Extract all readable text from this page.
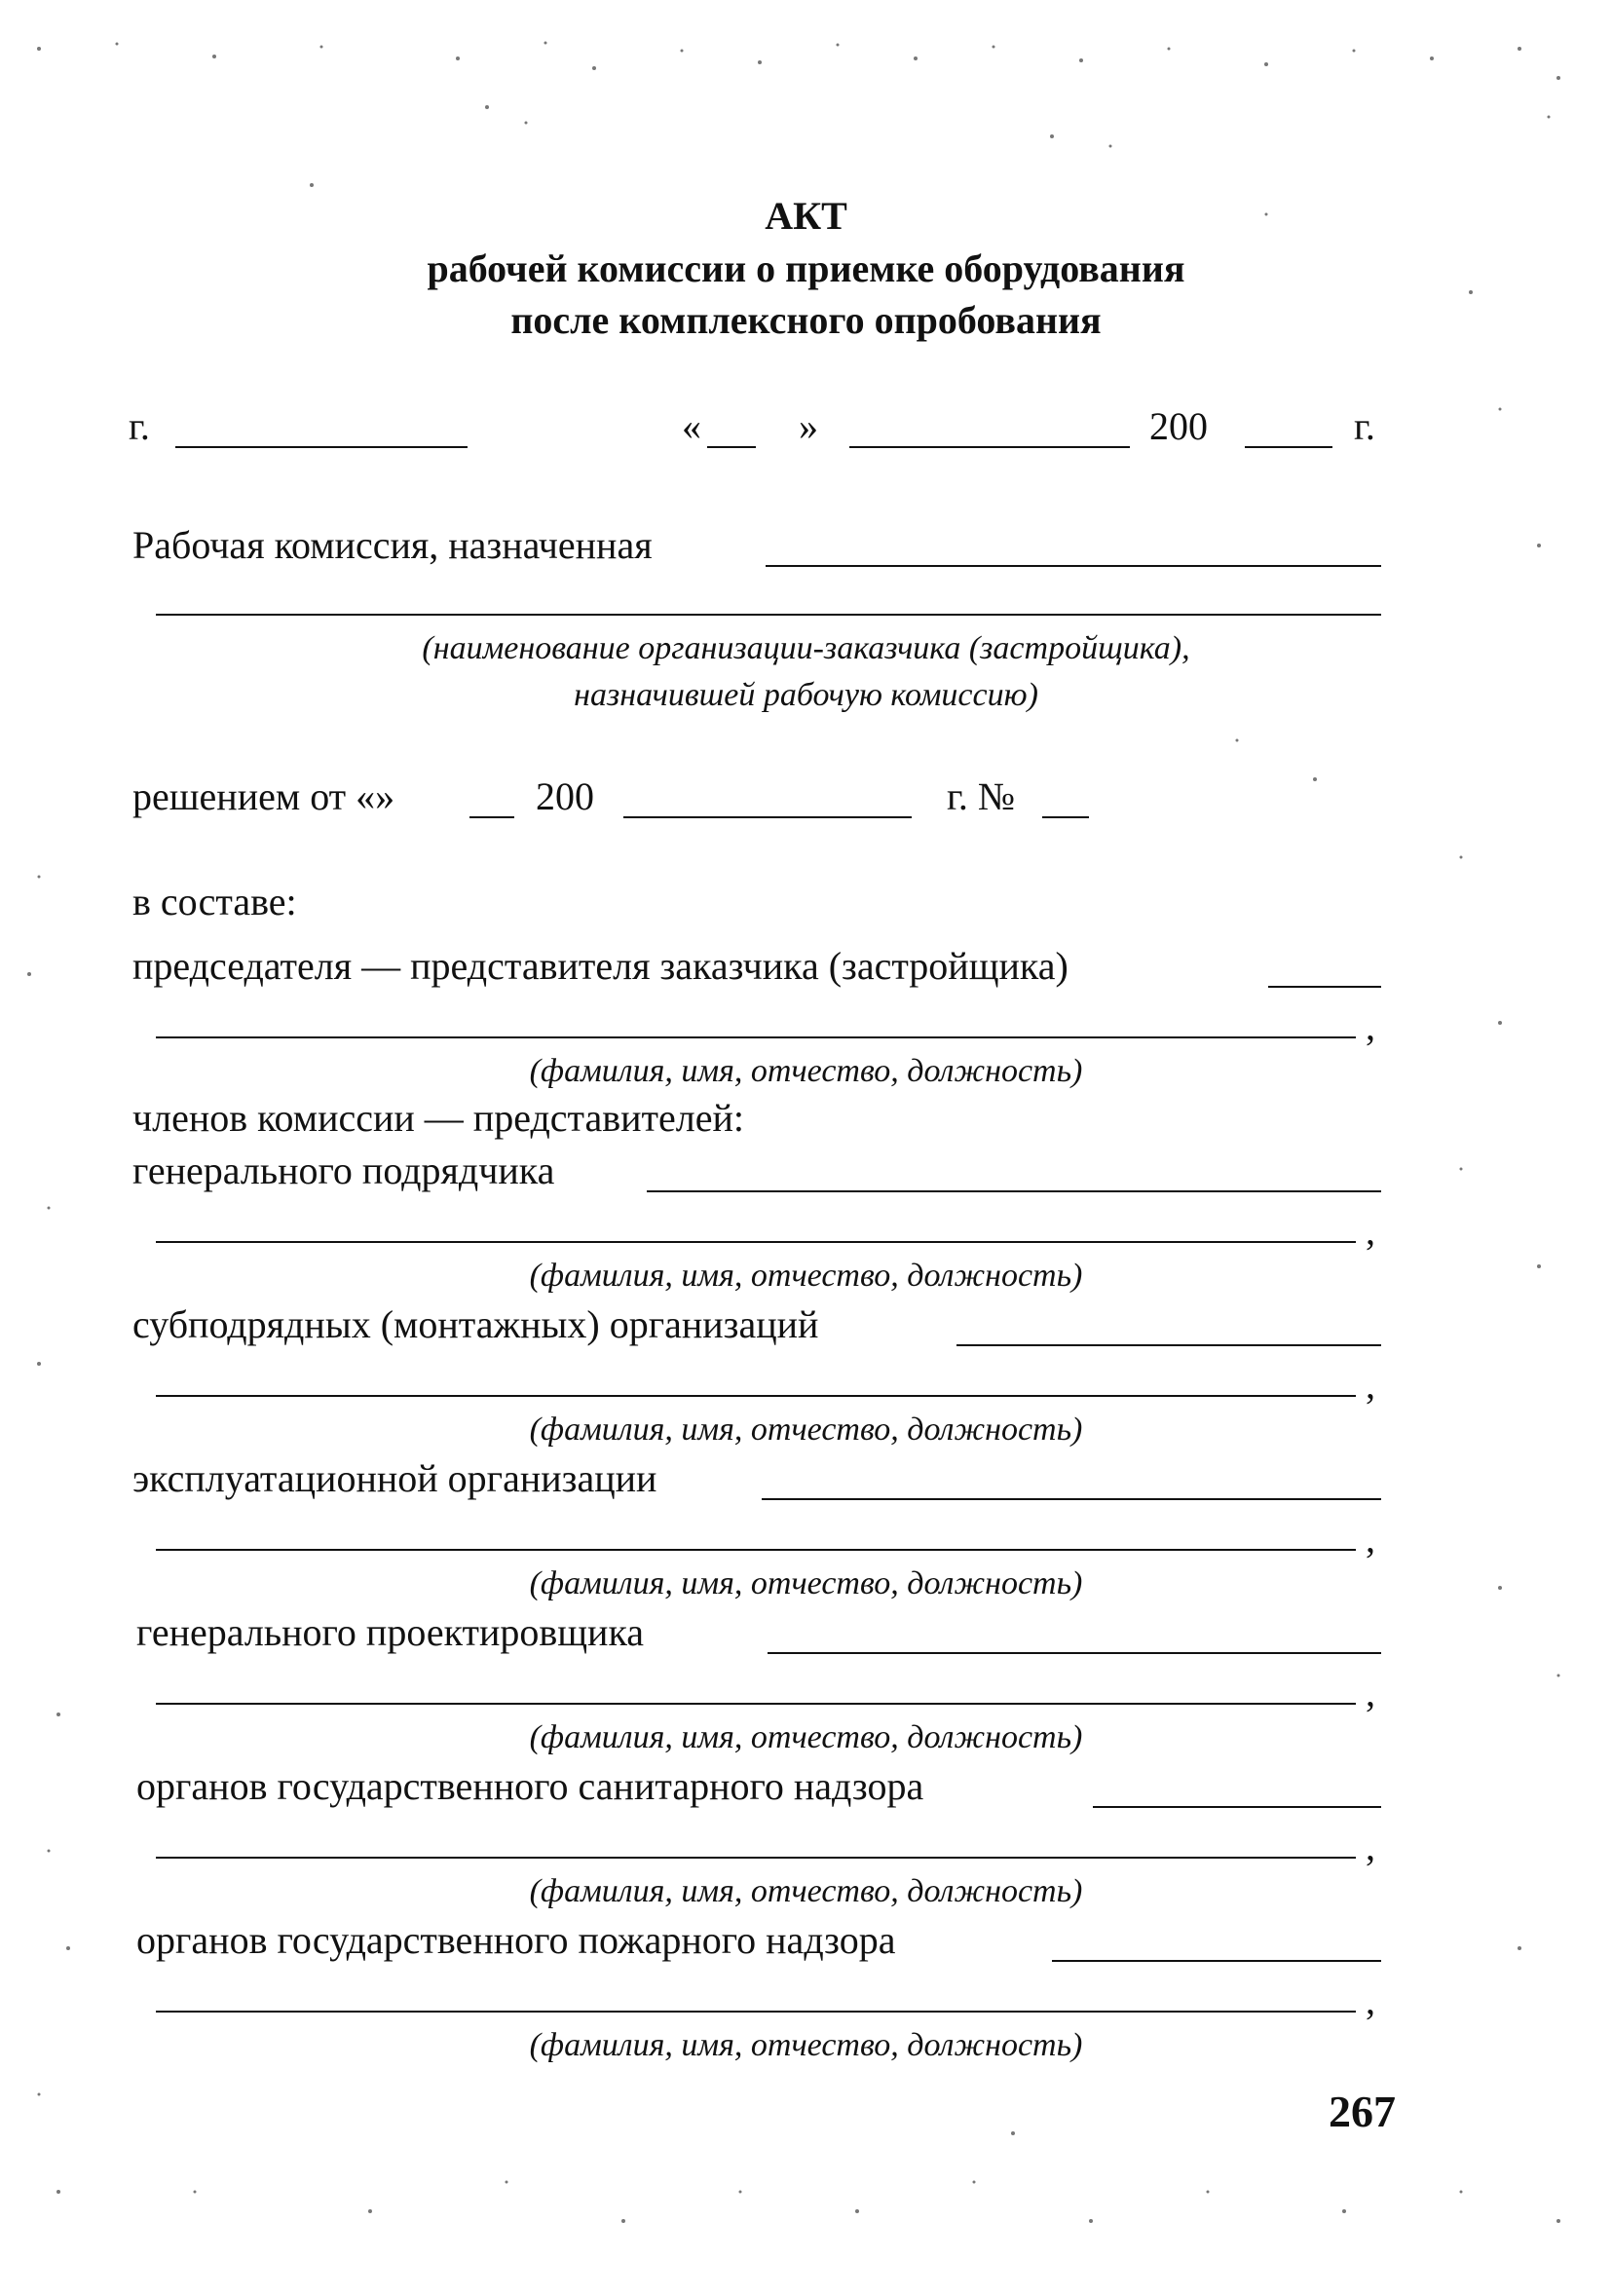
АКТ
рабочей комиссии о приемке оборудования
после комплексного опробования
г.	«	»	200	г.
Рабочая комиссия, назначенная
(наименование организации-заказчика (застройщика),
назначившей рабочую комиссию)
решением от «»	200	г. №
в составе:
председателя — представителя заказчика (застройщика)
,
(фамилия, имя, отчество, должность)
членов комиссии — представителей:
генерального подрядчика
,
(фамилия, имя, отчество, должность)
субподрядных (монтажных) организаций
,
(фамилия, имя, отчество, должность)
эксплуатационной организации
,
(фамилия, имя, отчество, должность)
генерального проектировщика
,
(фамилия, имя, отчество, должность)
органов государственного санитарного надзора
,
(фамилия, имя, отчество, должность)
органов государственного пожарного надзора
,
(фамилия, имя, отчество, должность)
267
